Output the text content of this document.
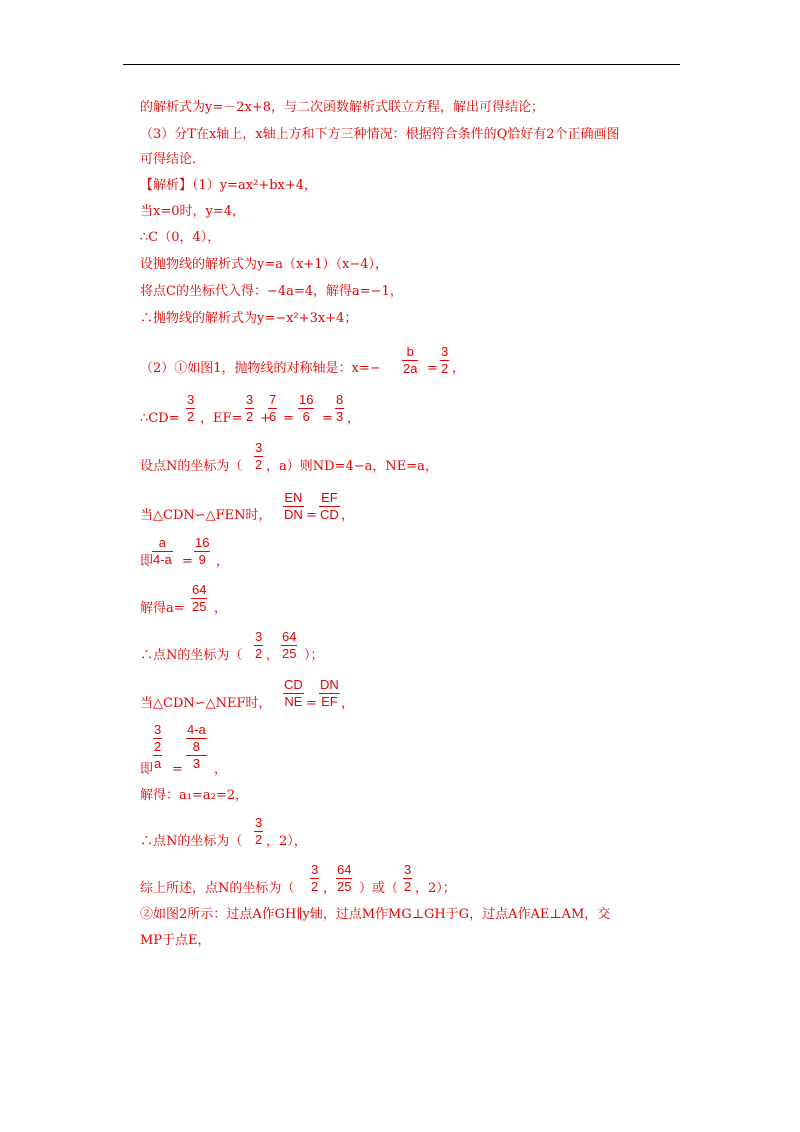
的解析式为y=－2x+8，与二次函数解析式联立方程，解出可得结论；
（3）分T在x轴上，x轴上方和下方三种情况：根据符合条件的Q恰好有2个正确画图
可得结论．
【解析】（1）y=ax²+bx+4，
当x=0时，y=4，
∴C（0，4），
设抛物线的解析式为y=a（x+1）（x−4），
将点C的坐标代入得：−4a=4，解得a=−1，
∴抛物线的解析式为y=−x²+3x+4；
（2）①如图1，抛物线的对称轴是：x=−
b
2a =
3
2 ，
∴CD=
3
2 ，EF=
3
2 +
7
6 =
16
6 =
8
3 ，
设点N的坐标为（
3
2 ，a）则ND=4−a，NE=a，
当△CDN∽△FEN时，
EN
DN =
EF
CD ，
即
a
4-a =
16
9 ，
解得a=
64
25 ，
∴点N的坐标为（
3
2 ，
64
25 ）；
当△CDN∽△NEF时，
CD
NE =
DN
EF ，
即
3
2
a =
4-a
8
3	，
解得：a₁=a₂=2，
∴点N的坐标为（
3
2 ，2），
综上所述，点N的坐标为（
3
2 ，
64
25 ）或（
3
2 ，2）；
②如图2所示：过点A作GH∥y轴，过点M作MG⊥GH于G，过点A作AE⊥AM，交
MP于点E，
